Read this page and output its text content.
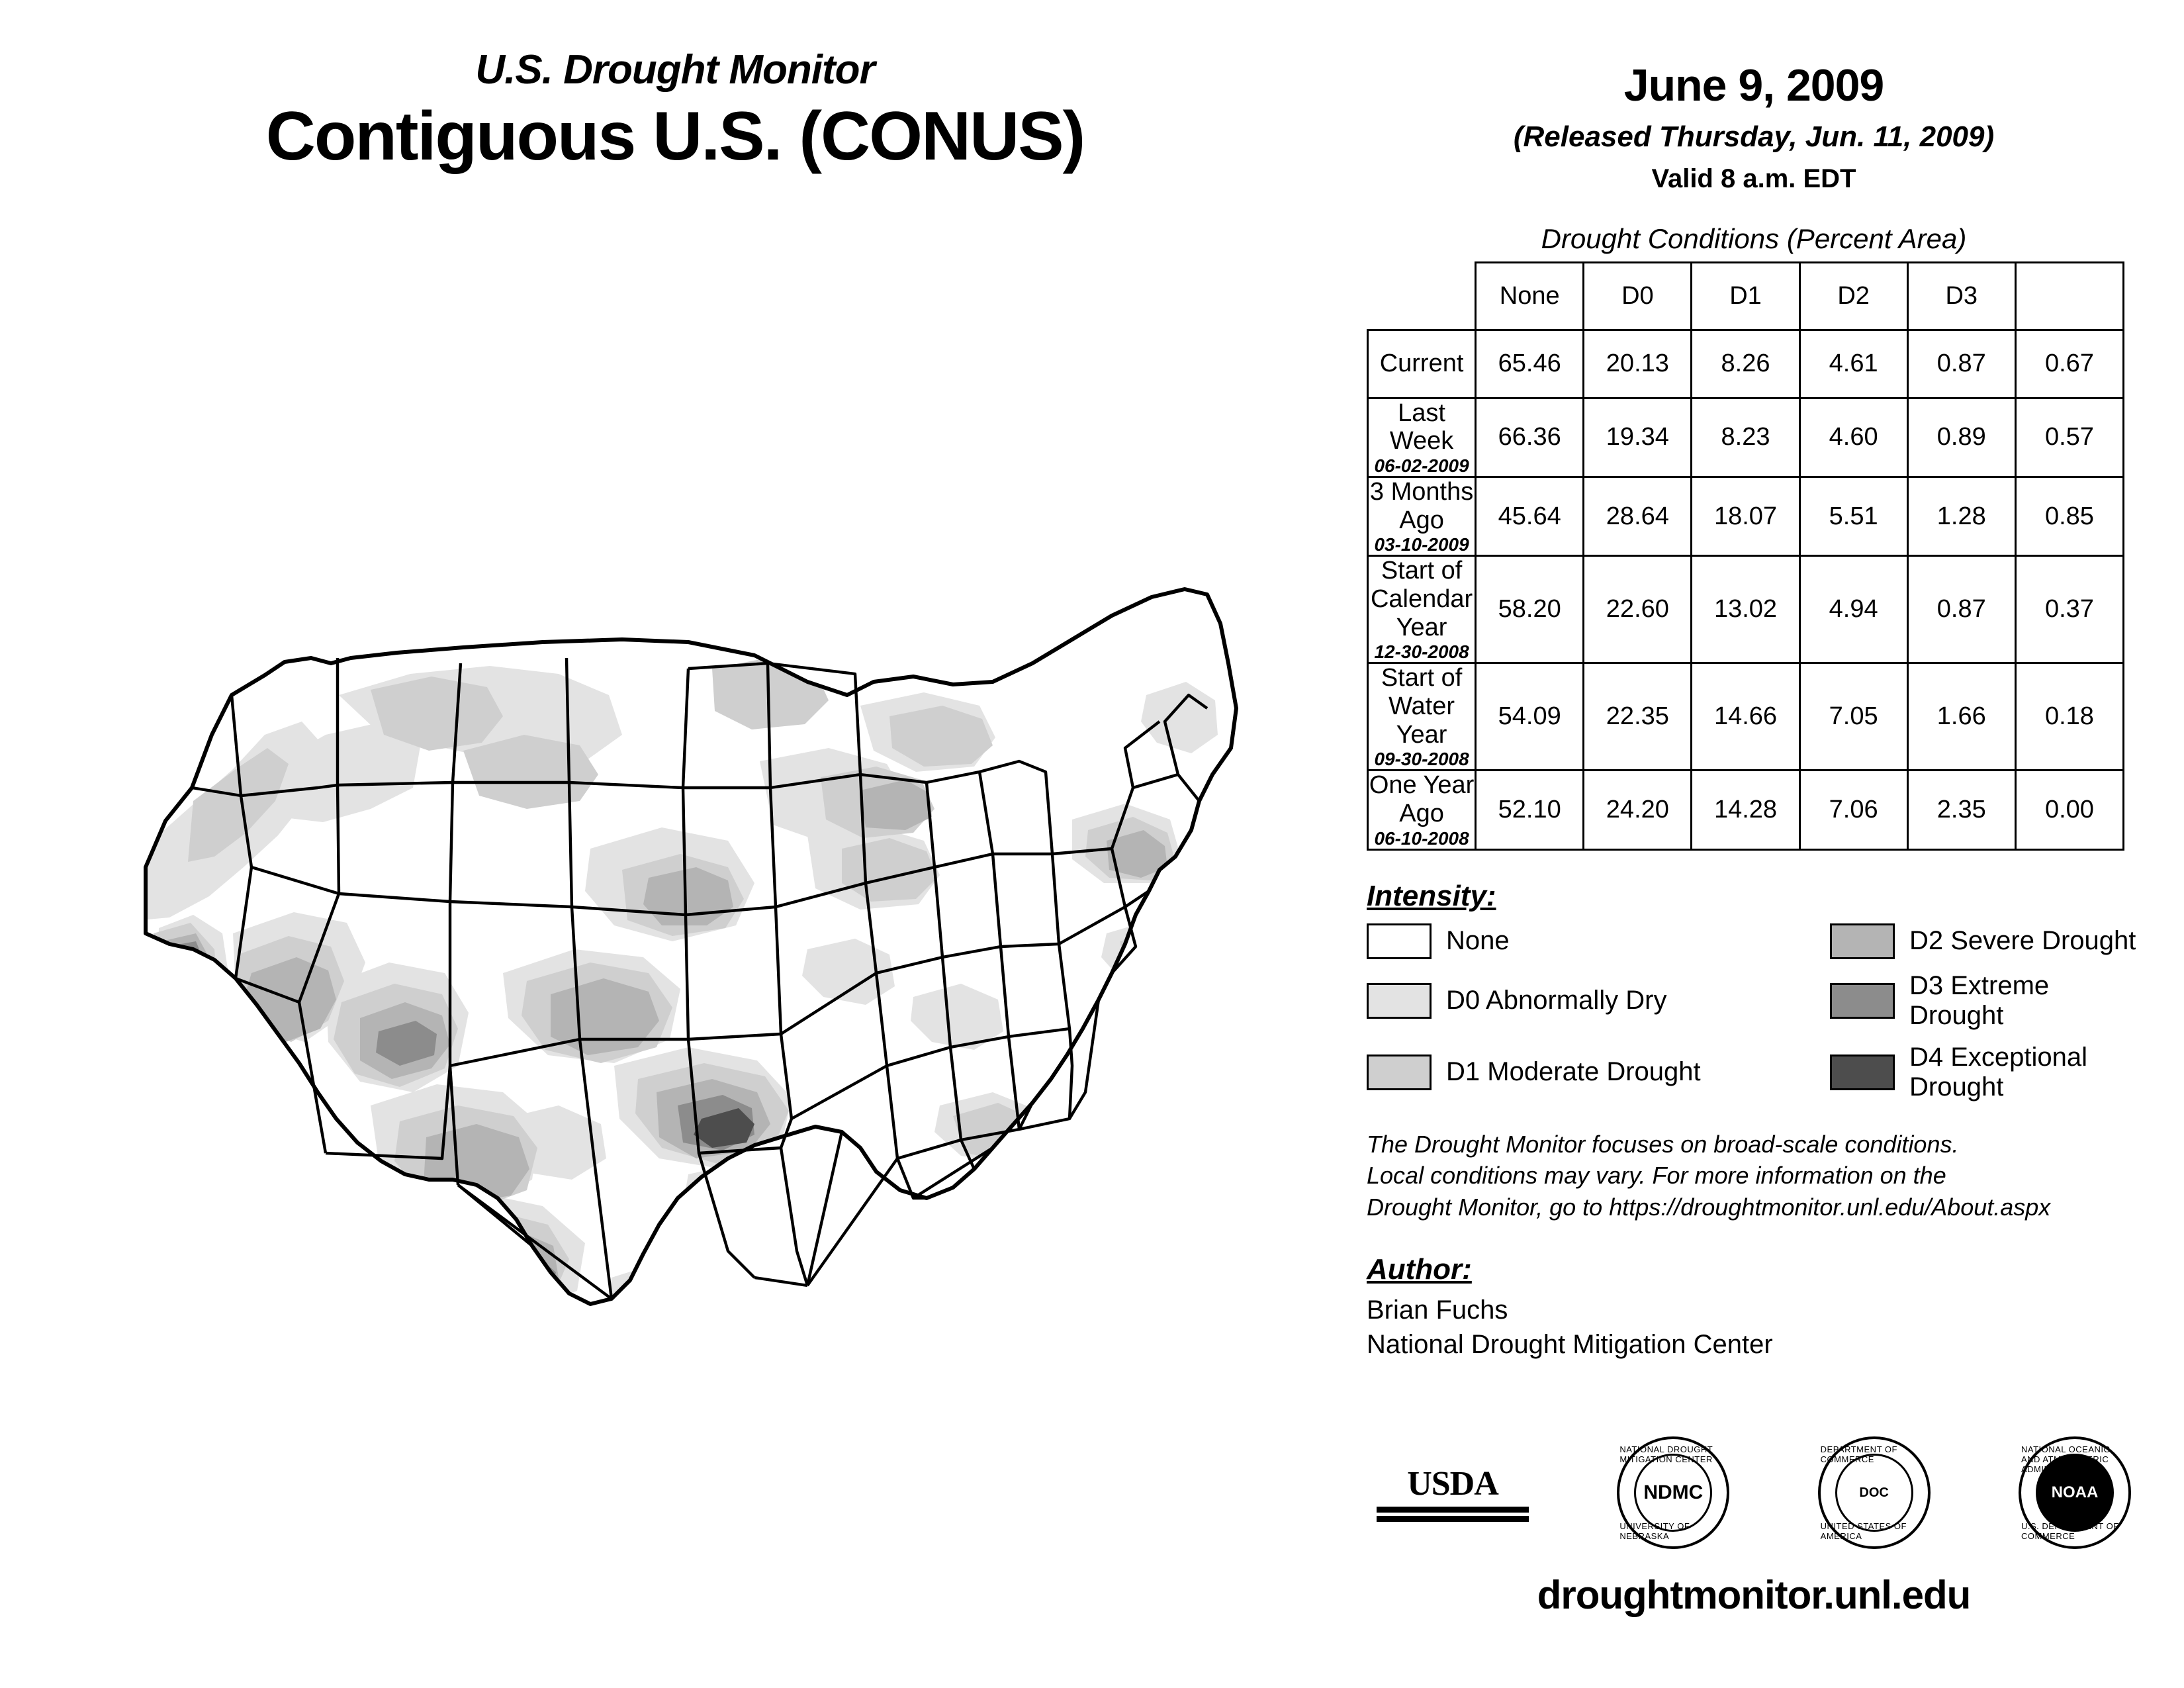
U.S. Drought Monitor
Contiguous U.S. (CONUS)
June 9, 2009
(Released Thursday, Jun. 11, 2009)
Valid 8 a.m. EDT
Drought Conditions (Percent Area)
	None	D0	D1	D2	D3	D4
Current	65.46	20.13	8.26	4.61	0.87	0.67
Last Week
06-02-2009	66.36	19.34	8.23	4.60	0.89	0.57
3 Months Ago
03-10-2009	45.64	28.64	18.07	5.51	1.28	0.85
Start of Calendar Year
12-30-2008	58.20	22.60	13.02	4.94	0.87	0.37
Start of Water Year
09-30-2008	54.09	22.35	14.66	7.05	1.66	0.18
One Year Ago
06-10-2008	52.10	24.20	14.28	7.06	2.35	0.00
Intensity:
None	D2 Severe Drought
D0 Abnormally Dry
D3 Extreme Drought
D1 Moderate Drought
D4 Exceptional Drought
The Drought Monitor focuses on broad-scale conditions.
Local conditions may vary. For more information on the
Drought Monitor, go to https://droughtmonitor.unl.edu/About.aspx
Author:
Brian Fuchs
National Drought Mitigation Center
USDA
NATIONAL DROUGHT MITIGATION CENTER
NDMC
UNIVERSITY OF NEBRASKA
DEPARTMENT OF COMMERCE
DOC
UNITED STATES OF AMERICA
NATIONAL OCEANIC AND ATMOSPHERIC ADMINISTRATION
NOAA
U.S. DEPARTMENT OF COMMERCE
droughtmonitor.unl.edu
